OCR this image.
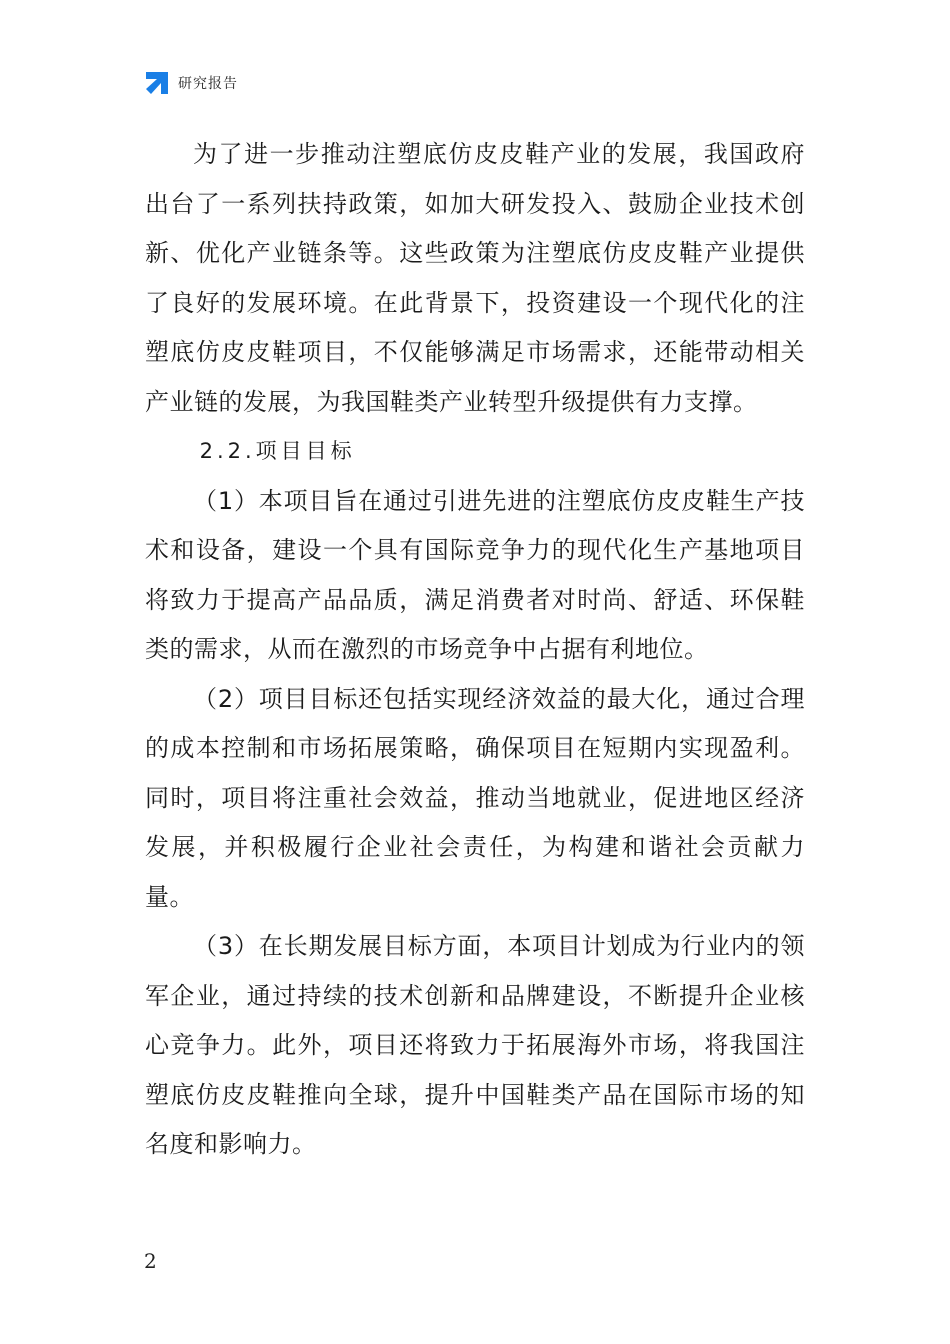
研究报告

为了进一步推动注塑底仿皮皮鞋产业的发展，我国政府出台了一系列扶持政策，如加大研发投入、鼓励企业技术创新、优化产业链条等。这些政策为注塑底仿皮皮鞋产业提供了良好的发展环境。在此背景下，投资建设一个现代化的注塑底仿皮皮鞋项目，不仅能够满足市场需求，还能带动相关产业链的发展，为我国鞋类产业转型升级提供有力支撑。

2.2.项目目标

（1）本项目旨在通过引进先进的注塑底仿皮皮鞋生产技术和设备，建设一个具有国际竞争力的现代化生产基地项目将致力于提高产品品质，满足消费者对时尚、舒适、环保鞋类的需求，从而在激烈的市场竞争中占据有利地位。

（2）项目目标还包括实现经济效益的最大化，通过合理的成本控制和市场拓展策略，确保项目在短期内实现盈利。同时，项目将注重社会效益，推动当地就业，促进地区经济发展，并积极履行企业社会责任，为构建和谐社会贡献力量。

（3）在长期发展目标方面，本项目计划成为行业内的领军企业，通过持续的技术创新和品牌建设，不断提升企业核心竞争力。此外，项目还将致力于拓展海外市场，将我国注塑底仿皮皮鞋推向全球，提升中国鞋类产品在国际市场的知名度和影响力。

2
